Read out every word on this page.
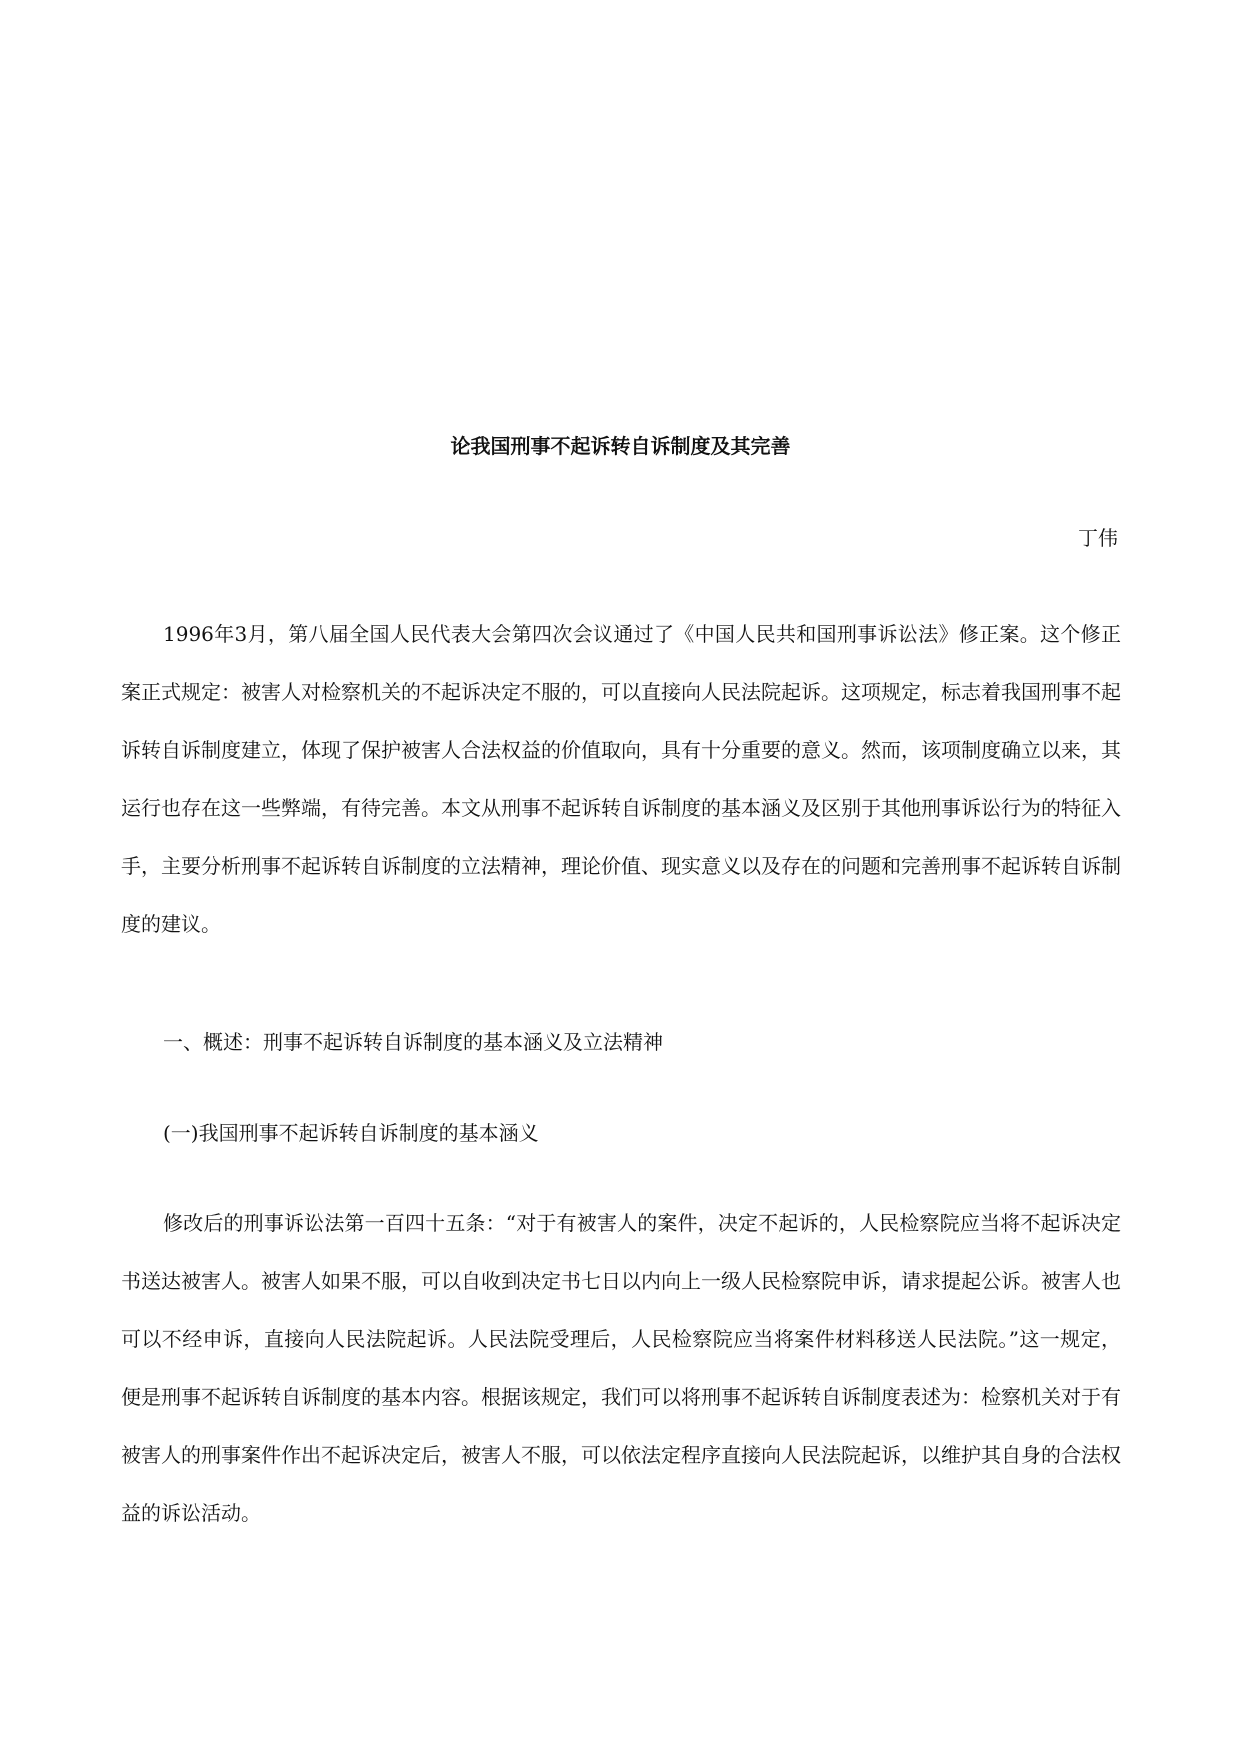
论我国刑事不起诉转自诉制度及其完善
丁伟

1996年3月，第八届全国人民代表大会第四次会议通过了《中国人民共和国刑事诉讼法》修正案。这个修正案正式规定：被害人对检察机关的不起诉决定不服的，可以直接向人民法院起诉。这项规定，标志着我国刑事不起诉转自诉制度建立，体现了保护被害人合法权益的价值取向，具有十分重要的意义。然而，该项制度确立以来，其运行也存在这一些弊端，有待完善。本文从刑事不起诉转自诉制度的基本涵义及区别于其他刑事诉讼行为的特征入手，主要分析刑事不起诉转自诉制度的立法精神，理论价值、现实意义以及存在的问题和完善刑事不起诉转自诉制度的建议。

一、概述：刑事不起诉转自诉制度的基本涵义及立法精神

(一)我国刑事不起诉转自诉制度的基本涵义

修改后的刑事诉讼法第一百四十五条：“对于有被害人的案件，决定不起诉的，人民检察院应当将不起诉决定书送达被害人。被害人如果不服，可以自收到决定书七日以内向上一级人民检察院申诉，请求提起公诉。被害人也可以不经申诉，直接向人民法院起诉。人民法院受理后，人民检察院应当将案件材料移送人民法院。”这一规定，便是刑事不起诉转自诉制度的基本内容。根据该规定，我们可以将刑事不起诉转自诉制度表述为：检察机关对于有被害人的刑事案件作出不起诉决定后，被害人不服，可以依法定程序直接向人民法院起诉，以维护其自身的合法权益的诉讼活动。
